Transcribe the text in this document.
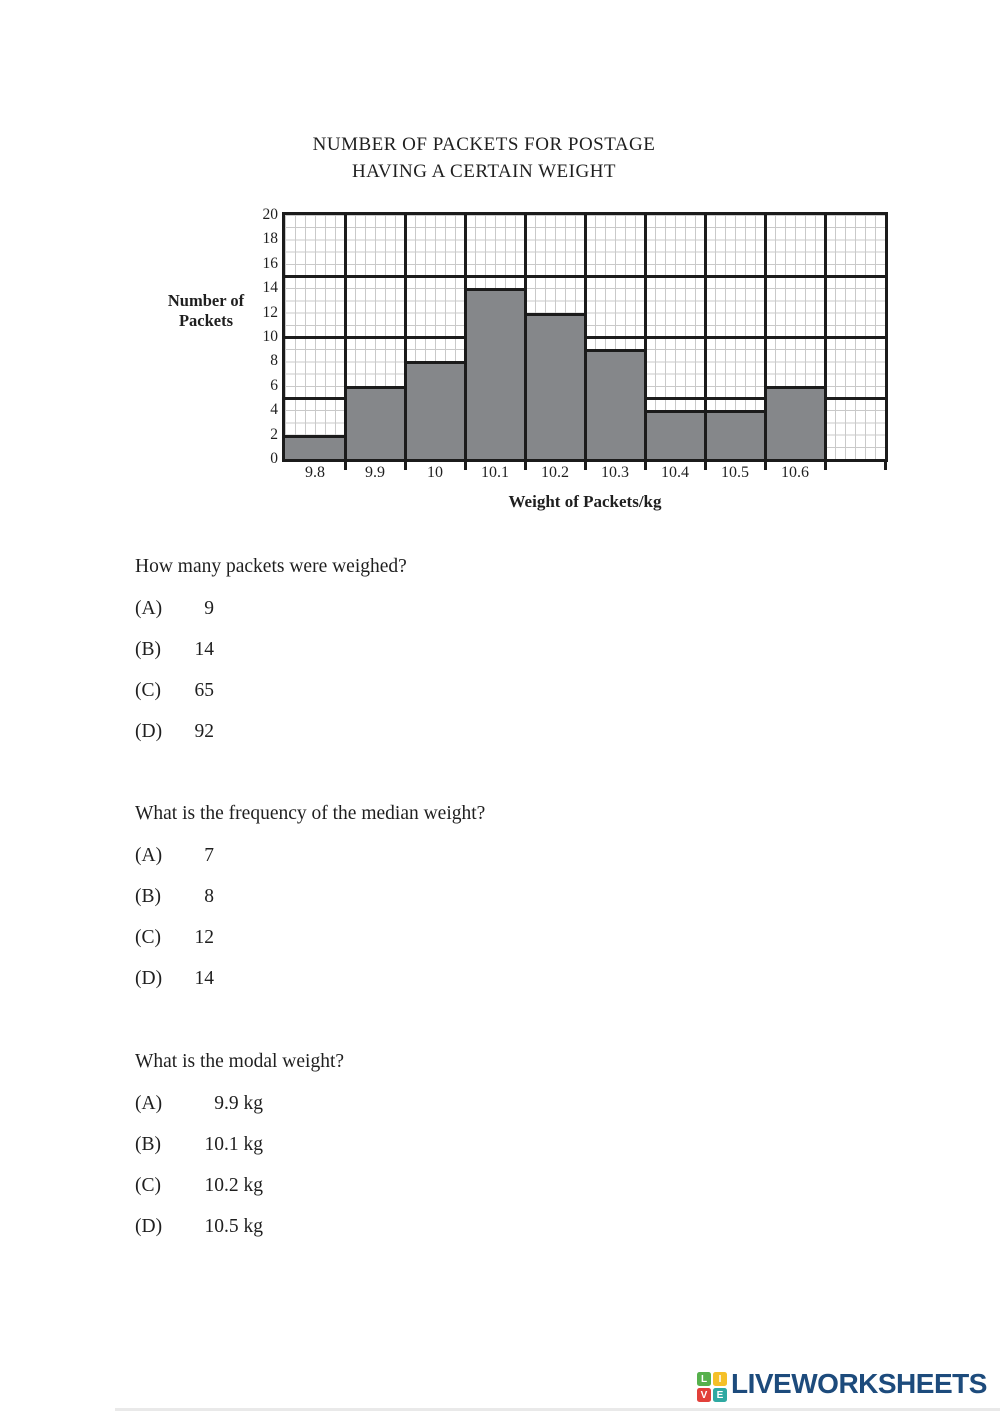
NUMBER OF PACKETS FOR POSTAGE
HAVING A CERTAIN WEIGHT
Number of
Packets
Weight of Packets/kg
How many packets were weighed?
(A) 9
(B) 14
(C) 65
(D) 92
What is the frequency of the median weight?
(A) 7
(B) 8
(C) 12
(D) 14
What is the modal weight?
(A)	9.9 kg
(B) 10.1 kg
(C) 10.2 kg
(D) 10.5 kg
L	I
V E LIVEWORKSHEETS
20
18
16
14
12
10
8
6
4
2
0
9.8	9.9	10	10.1	10.2	10.3	10.4	10.5	10.6
